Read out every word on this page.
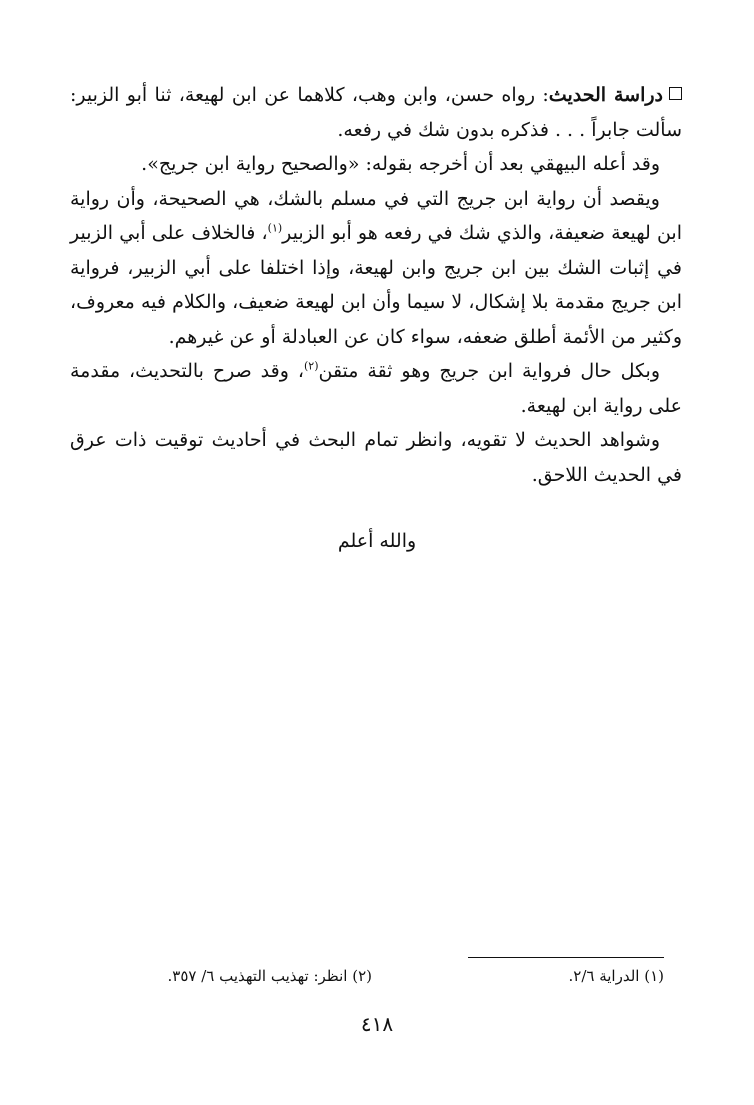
دراسة الحديث: رواه حسن، وابن وهب، كلاهما عن ابن لهيعة، ثنا أبو الزبير: سألت جابراً . . . فذكره بدون شك في رفعه.

وقد أعله البيهقي بعد أن أخرجه بقوله: «والصحيح رواية ابن جريج».

ويقصد أن رواية ابن جريج التي في مسلم بالشك، هي الصحيحة، وأن رواية ابن لهيعة ضعيفة، والذي شك في رفعه هو أبو الزبير$^{(١)}$، فالخلاف على أبي الزبير في إثبات الشك بين ابن جريج وابن لهيعة، وإذا اختلفا على أبي الزبير، فرواية ابن جريج مقدمة بلا إشكال، لا سيما وأن ابن لهيعة ضعيف، والكلام فيه معروف، وكثير من الأئمة أطلق ضعفه، سواء كان عن العبادلة أو عن غيرهم.

وبكل حال فرواية ابن جريج وهو ثقة متقن$^{(٢)}$، وقد صرح بالتحديث، مقدمة على رواية ابن لهيعة.

وشواهد الحديث لا تقويه، وانظر تمام البحث في أحاديث توقيت ذات عرق في الحديث اللاحق.

والله أعلم
(١) الدراية ٢/٦.
(٢) انظر: تهذيب التهذيب ٦/ ٣٥٧.
٤١٨
